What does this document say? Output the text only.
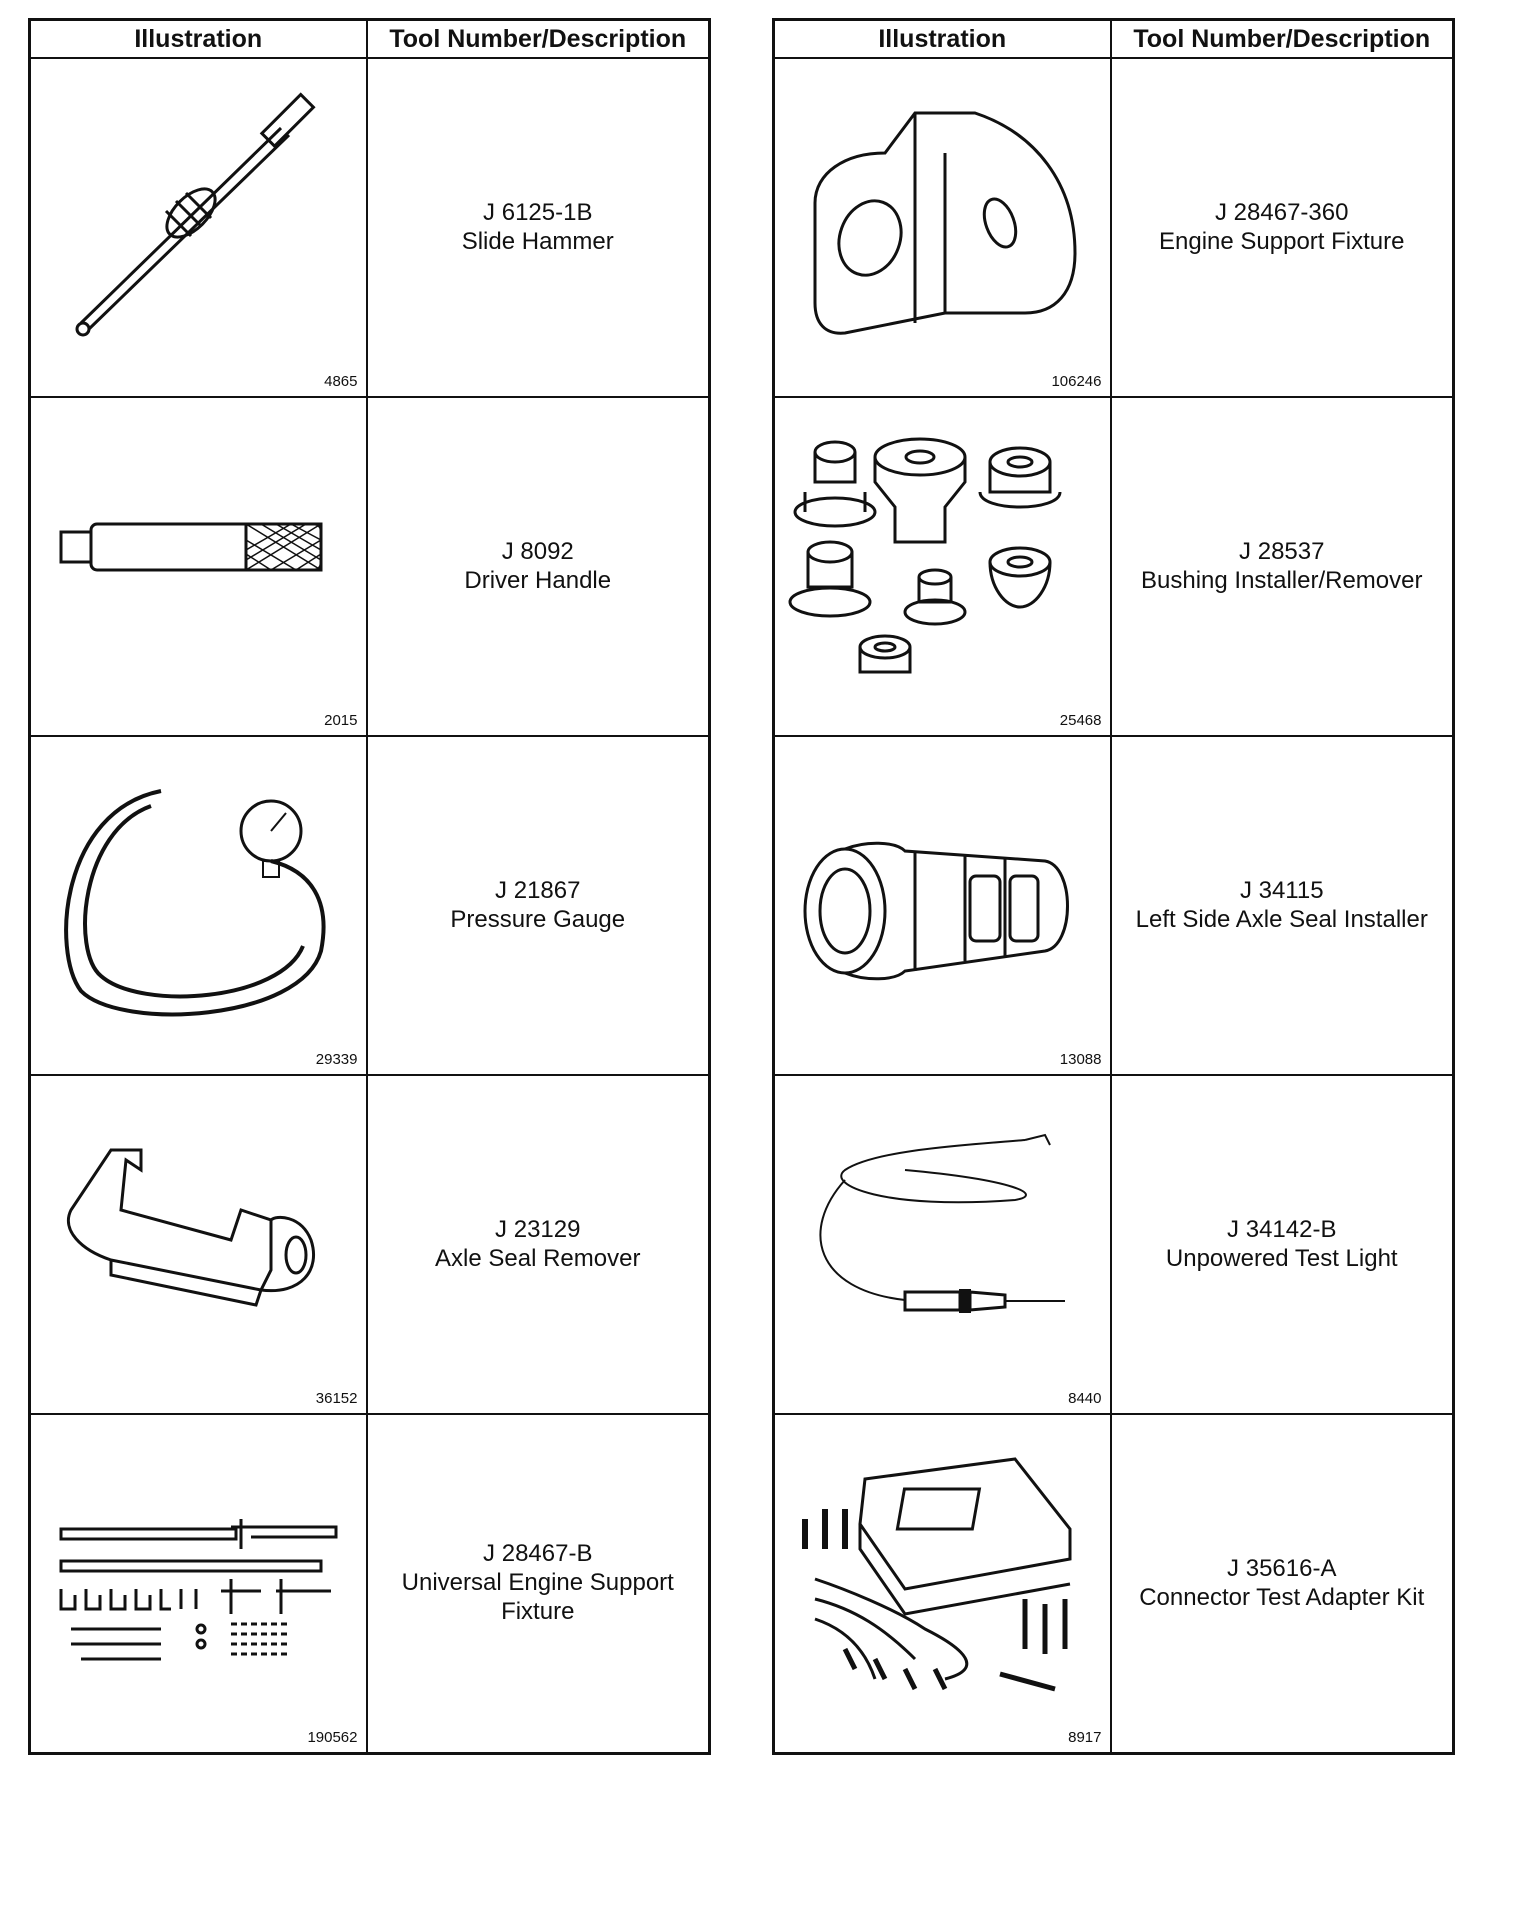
Illustration	Tool Number/Description

4865	J 6125-1B
Slide Hammer

2015	J 8092
Driver Handle

29339	J 21867
Pressure Gauge

36152	J 23129
Axle Seal Remover

190562	J 28467-B
Universal Engine Support Fixture
Illustration	Tool Number/Description

106246	J 28467-360
Engine Support Fixture

25468	J 28537
Bushing Installer/Remover

13088	J 34115
Left Side Axle Seal Installer

8440	J 34142-B
Unpowered Test Light

8917	J 35616-A
Connector Test Adapter Kit
